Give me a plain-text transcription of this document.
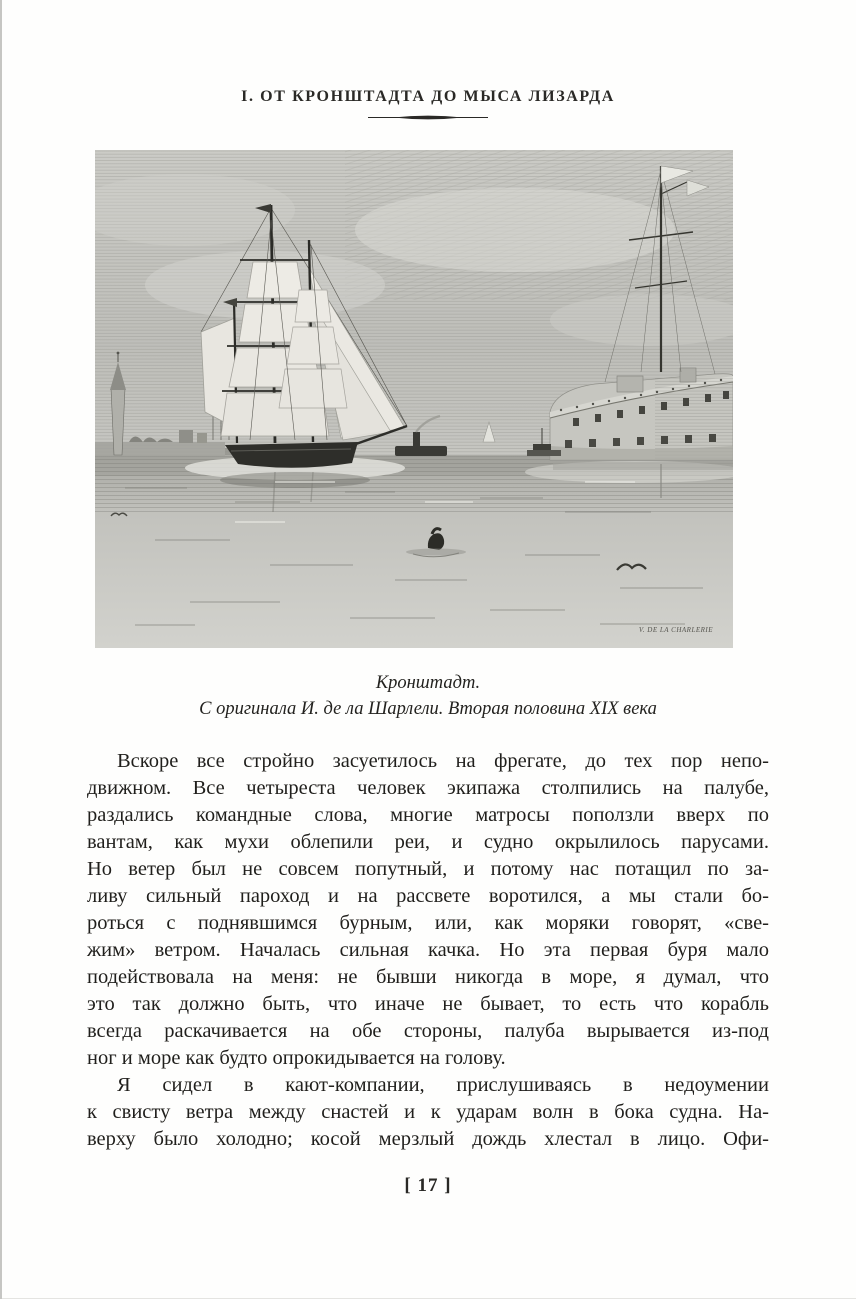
I. ОТ КРОНШТАДТА ДО МЫСА ЛИЗАРДА
V. DE LA CHARLERIE
Кронштадт.
С оригинала И. де ла Шарлели. Вторая половина XIX века
Вскоре все стройно засуетилось на фрегате, до тех пор непо-
движном. Все четыреста человек экипажа столпились на палубе,
раздались командные слова, многие матросы поползли вверх по
вантам, как мухи облепили реи, и судно окрылилось парусами.
Но ветер был не совсем попутный, и потому нас потащил по за-
ливу сильный пароход и на рассвете воротился, а мы стали бо-
роться с поднявшимся бурным, или, как моряки говорят, «све-
жим» ветром. Началась сильная качка. Но эта первая буря мало
подействовала на меня: не бывши никогда в море, я думал, что
это так должно быть, что иначе не бывает, то есть что корабль
всегда раскачивается на обе стороны, палуба вырывается из-под
ног и море как будто опрокидывается на голову.
Я сидел в кают-компании, прислушиваясь в недоумении
к свисту ветра между снастей и к ударам волн в бока судна. На-
верху было холодно; косой мерзлый дождь хлестал в лицо. Офи-
[ 17 ]
